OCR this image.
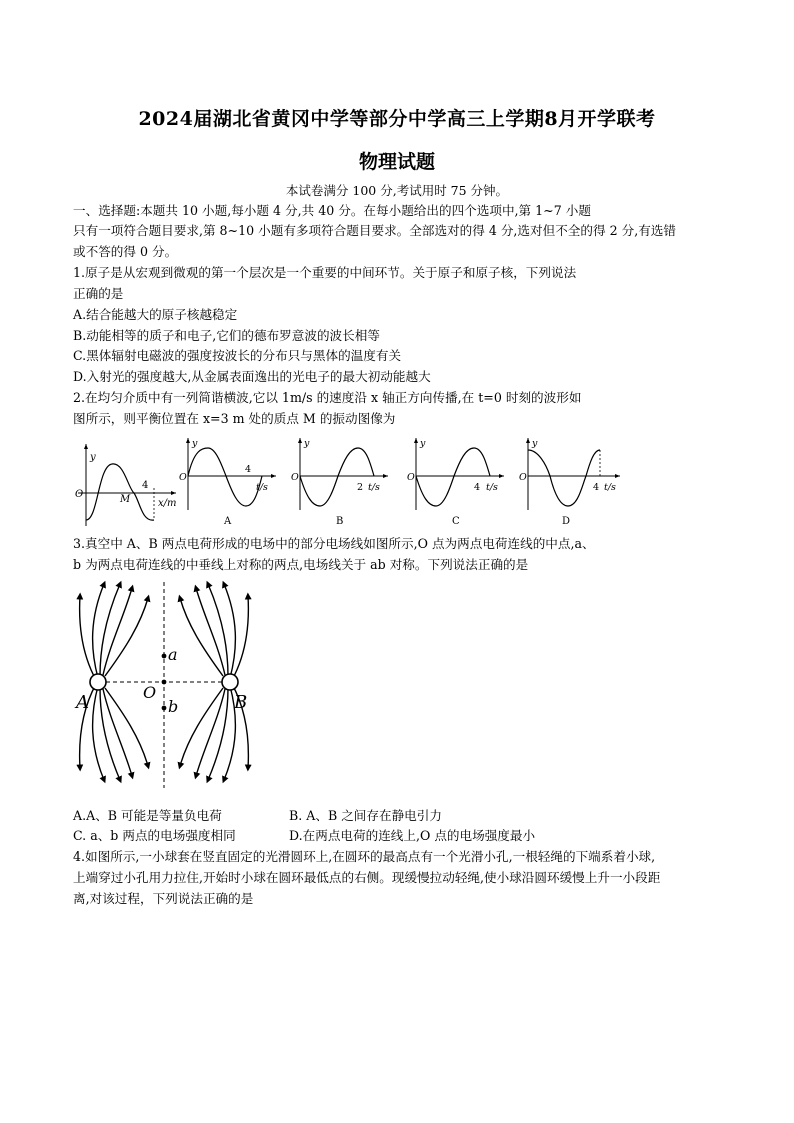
2024届湖北省黄冈中学等部分中学高三上学期8月开学联考
物理试题
本试卷满分 100 分,考试用时 75 分钟。
一、选择题:本题共 10 小题,每小题 4 分,共 40 分。在每小题给出的四个选项中,第 1~7 小题
只有一项符合题目要求,第 8~10 小题有多项符合题目要求。全部选对的得 4 分,选对但不全的得 2 分,有选错
或不答的得 0 分。
1.原子是从宏观到微观的第一个层次是一个重要的中间环节。关于原子和原子核，下列说法
正确的是
A.结合能越大的原子核越稳定
B.动能相等的质子和电子,它们的德布罗意波的波长相等
C.黑体辐射电磁波的强度按波长的分布只与黑体的温度有关
D.入射光的强度越大,从金属表面逸出的光电子的最大初动能越大
2.在均匀介质中有一列简谐横波,它以 1m/s 的速度沿 x 轴正方向传播,在 t=0 时刻的波形如
图所示，则平衡位置在 x=3 m 处的质点 M 的振动图像为
y
O	M
4
x/m
y
O
4
t/s
A
y
O
2 t/s
B
y
O
4 t/s
C
y
O
4 t/s
D
3.真空中 A、B 两点电荷形成的电场中的部分电场线如图所示,O 点为两点电荷连线的中点,a、
b 为两点电荷连线的中垂线上对称的两点,电场线关于 ab 对称。下列说法正确的是
a
O
b
A	B
A.A、B 可能是等量负电荷	B. A、B 之间存在静电引力
C. a、b 两点的电场强度相同	D.在两点电荷的连线上,O 点的电场强度最小
4.如图所示,一小球套在竖直固定的光滑圆环上,在圆环的最高点有一个光滑小孔,一根轻绳的下端系着小球,
上端穿过小孔用力拉住,开始时小球在圆环最低点的右侧。现缓慢拉动轻绳,使小球沿圆环缓慢上升一小段距
离,对该过程，下列说法正确的是
